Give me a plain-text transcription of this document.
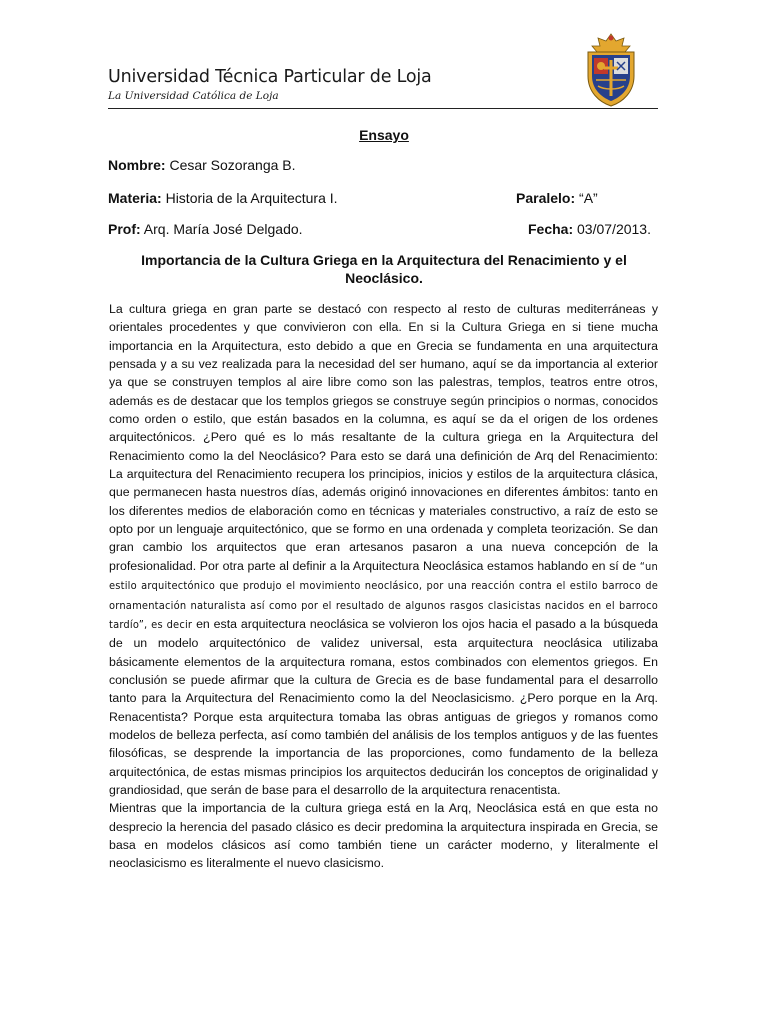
Universidad Técnica Particular de Loja
La Universidad Católica de Loja
Ensayo
Nombre: Cesar Sozoranga B.
Materia: Historia de la Arquitectura I.	Paralelo: “A”
Prof: Arq. María José Delgado.	Fecha: 03/07/2013.
Importancia de la Cultura Griega en la Arquitectura del Renacimiento y el Neoclásico.

La cultura griega en gran parte se destacó con respecto al resto de culturas mediterráneas y orientales procedentes y que convivieron con ella. En si la Cultura Griega en si tiene mucha importancia en la Arquitectura, esto debido a que en Grecia se fundamenta en una arquitectura pensada y a su vez realizada para la necesidad del ser humano, aquí se da importancia al exterior ya que se construyen templos al aire libre como son las palestras, templos, teatros entre otros, además es de destacar que los templos griegos se construye según principios o normas, conocidos como orden o estilo, que están basados en la columna, es aquí se da el origen de los ordenes arquitectónicos. ¿Pero qué es lo más resaltante de la cultura griega en la Arquitectura del Renacimiento como la del Neoclásico? Para esto se dará una definición de Arq del Renacimiento: La arquitectura del Renacimiento recupera los principios, inicios y estilos de la arquitectura clásica, que permanecen hasta nuestros días, además originó innovaciones en diferentes ámbitos: tanto en los diferentes medios de elaboración como en técnicas y materiales constructivo, a raíz de esto se opto por un lenguaje arquitectónico, que se formo en una ordenada y completa teorización. Se dan gran cambio los arquitectos que eran artesanos pasaron a una nueva concepción de la profesionalidad. Por otra parte al definir a la Arquitectura Neoclásica estamos hablando en sí de “un estilo arquitectónico que produjo el movimiento neoclásico, por una reacción contra el estilo barroco de ornamentación naturalista así como por el resultado de algunos rasgos clasicistas nacidos en el barroco tardío”, es decir en esta arquitectura neoclásica se volvieron los ojos hacia el pasado a la búsqueda de un modelo arquitectónico de validez universal, esta arquitectura neoclásica utilizaba básicamente elementos de la arquitectura romana, estos combinados con elementos griegos. En conclusión se puede afirmar que la cultura de Grecia es de base fundamental para el desarrollo tanto para la Arquitectura del Renacimiento como la del Neoclasicismo. ¿Pero porque en la Arq. Renacentista? Porque esta arquitectura tomaba las obras antiguas de griegos y romanos como modelos de belleza perfecta, así como también del análisis de los templos antiguos y de las fuentes filosóficas, se desprende la importancia de las proporciones, como fundamento de la belleza arquitectónica, de estas mismas principios los arquitectos deducirán los conceptos de originalidad y grandiosidad, que serán de base para el desarrollo de la arquitectura renacentista.

Mientras que la importancia de la cultura griega está en la Arq, Neoclásica está en que esta no desprecio la herencia del pasado clásico es decir predomina la arquitectura inspirada en Grecia, se basa en modelos clásicos así como también tiene un carácter moderno, y literalmente el neoclasicismo es literalmente el nuevo clasicismo.
